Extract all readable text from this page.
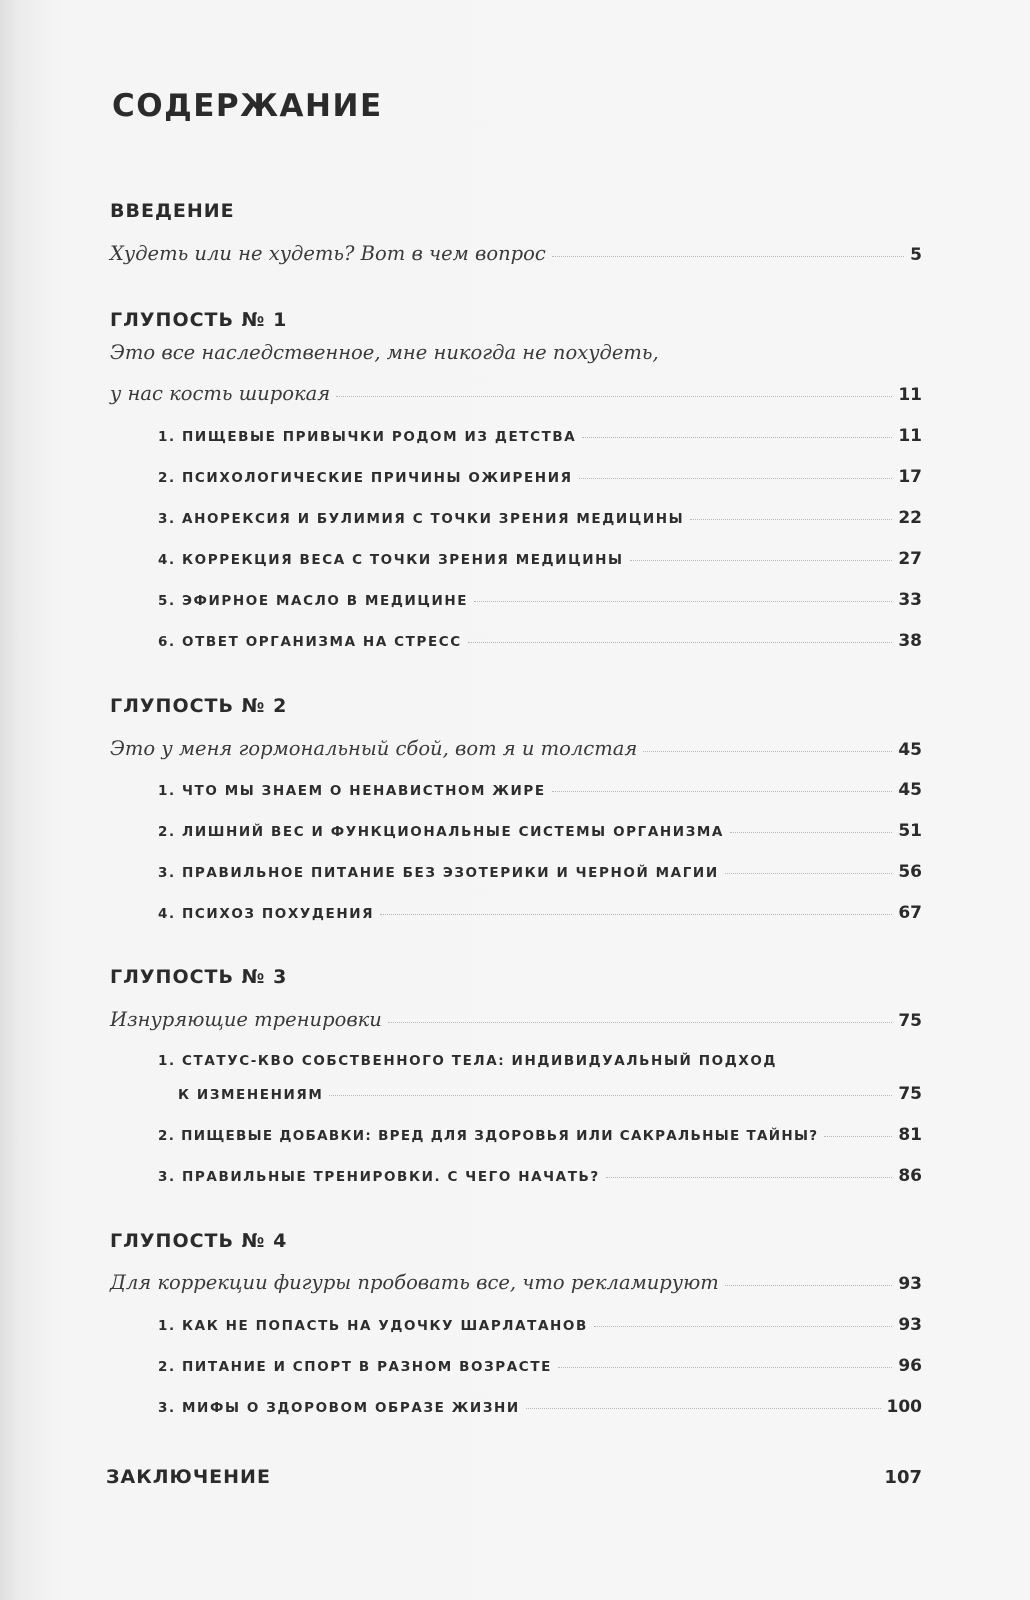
СОДЕРЖАНИЕ
ВВЕДЕНИЕ
Худеть или не худеть? Вот в чем вопрос	5
ГЛУПОСТЬ № 1
Это все наследственное, мне никогда не похудеть,
у нас кость широкая	11
1. ПИЩЕВЫЕ ПРИВЫЧКИ РОДОМ ИЗ ДЕТСТВА	11
2. ПСИХОЛОГИЧЕСКИЕ ПРИЧИНЫ ОЖИРЕНИЯ	17
3. АНОРЕКСИЯ И БУЛИМИЯ С ТОЧКИ ЗРЕНИЯ МЕДИЦИНЫ	22
4. КОРРЕКЦИЯ ВЕСА С ТОЧКИ ЗРЕНИЯ МЕДИЦИНЫ	27
5. ЭФИРНОЕ МАСЛО В МЕДИЦИНЕ	33
6. ОТВЕТ ОРГАНИЗМА НА СТРЕСС	38
ГЛУПОСТЬ № 2
Это у меня гормональный сбой, вот я и толстая	45
1. ЧТО МЫ ЗНАЕМ О НЕНАВИСТНОМ ЖИРЕ	45
2. ЛИШНИЙ ВЕС И ФУНКЦИОНАЛЬНЫЕ СИСТЕМЫ ОРГАНИЗМА	51
3. ПРАВИЛЬНОЕ ПИТАНИЕ БЕЗ ЭЗОТЕРИКИ И ЧЕРНОЙ МАГИИ	56
4. ПСИХОЗ ПОХУДЕНИЯ	67
ГЛУПОСТЬ № 3
Изнуряющие тренировки	75
1. СТАТУС-КВО СОБСТВЕННОГО ТЕЛА: ИНДИВИДУАЛЬНЫЙ ПОДХОД
К ИЗМЕНЕНИЯМ	75
2. ПИЩЕВЫЕ ДОБАВКИ: ВРЕД ДЛЯ ЗДОРОВЬЯ ИЛИ САКРАЛЬНЫЕ ТАЙНЫ?	81
3. ПРАВИЛЬНЫЕ ТРЕНИРОВКИ. С ЧЕГО НАЧАТЬ?	86
ГЛУПОСТЬ № 4
Для коррекции фигуры пробовать все, что рекламируют	93
1. КАК НЕ ПОПАСТЬ НА УДОЧКУ ШАРЛАТАНОВ	93
2. ПИТАНИЕ И СПОРТ В РАЗНОМ ВОЗРАСТЕ	96
3. МИФЫ О ЗДОРОВОМ ОБРАЗЕ ЖИЗНИ	100
ЗАКЛЮЧЕНИЕ	107
